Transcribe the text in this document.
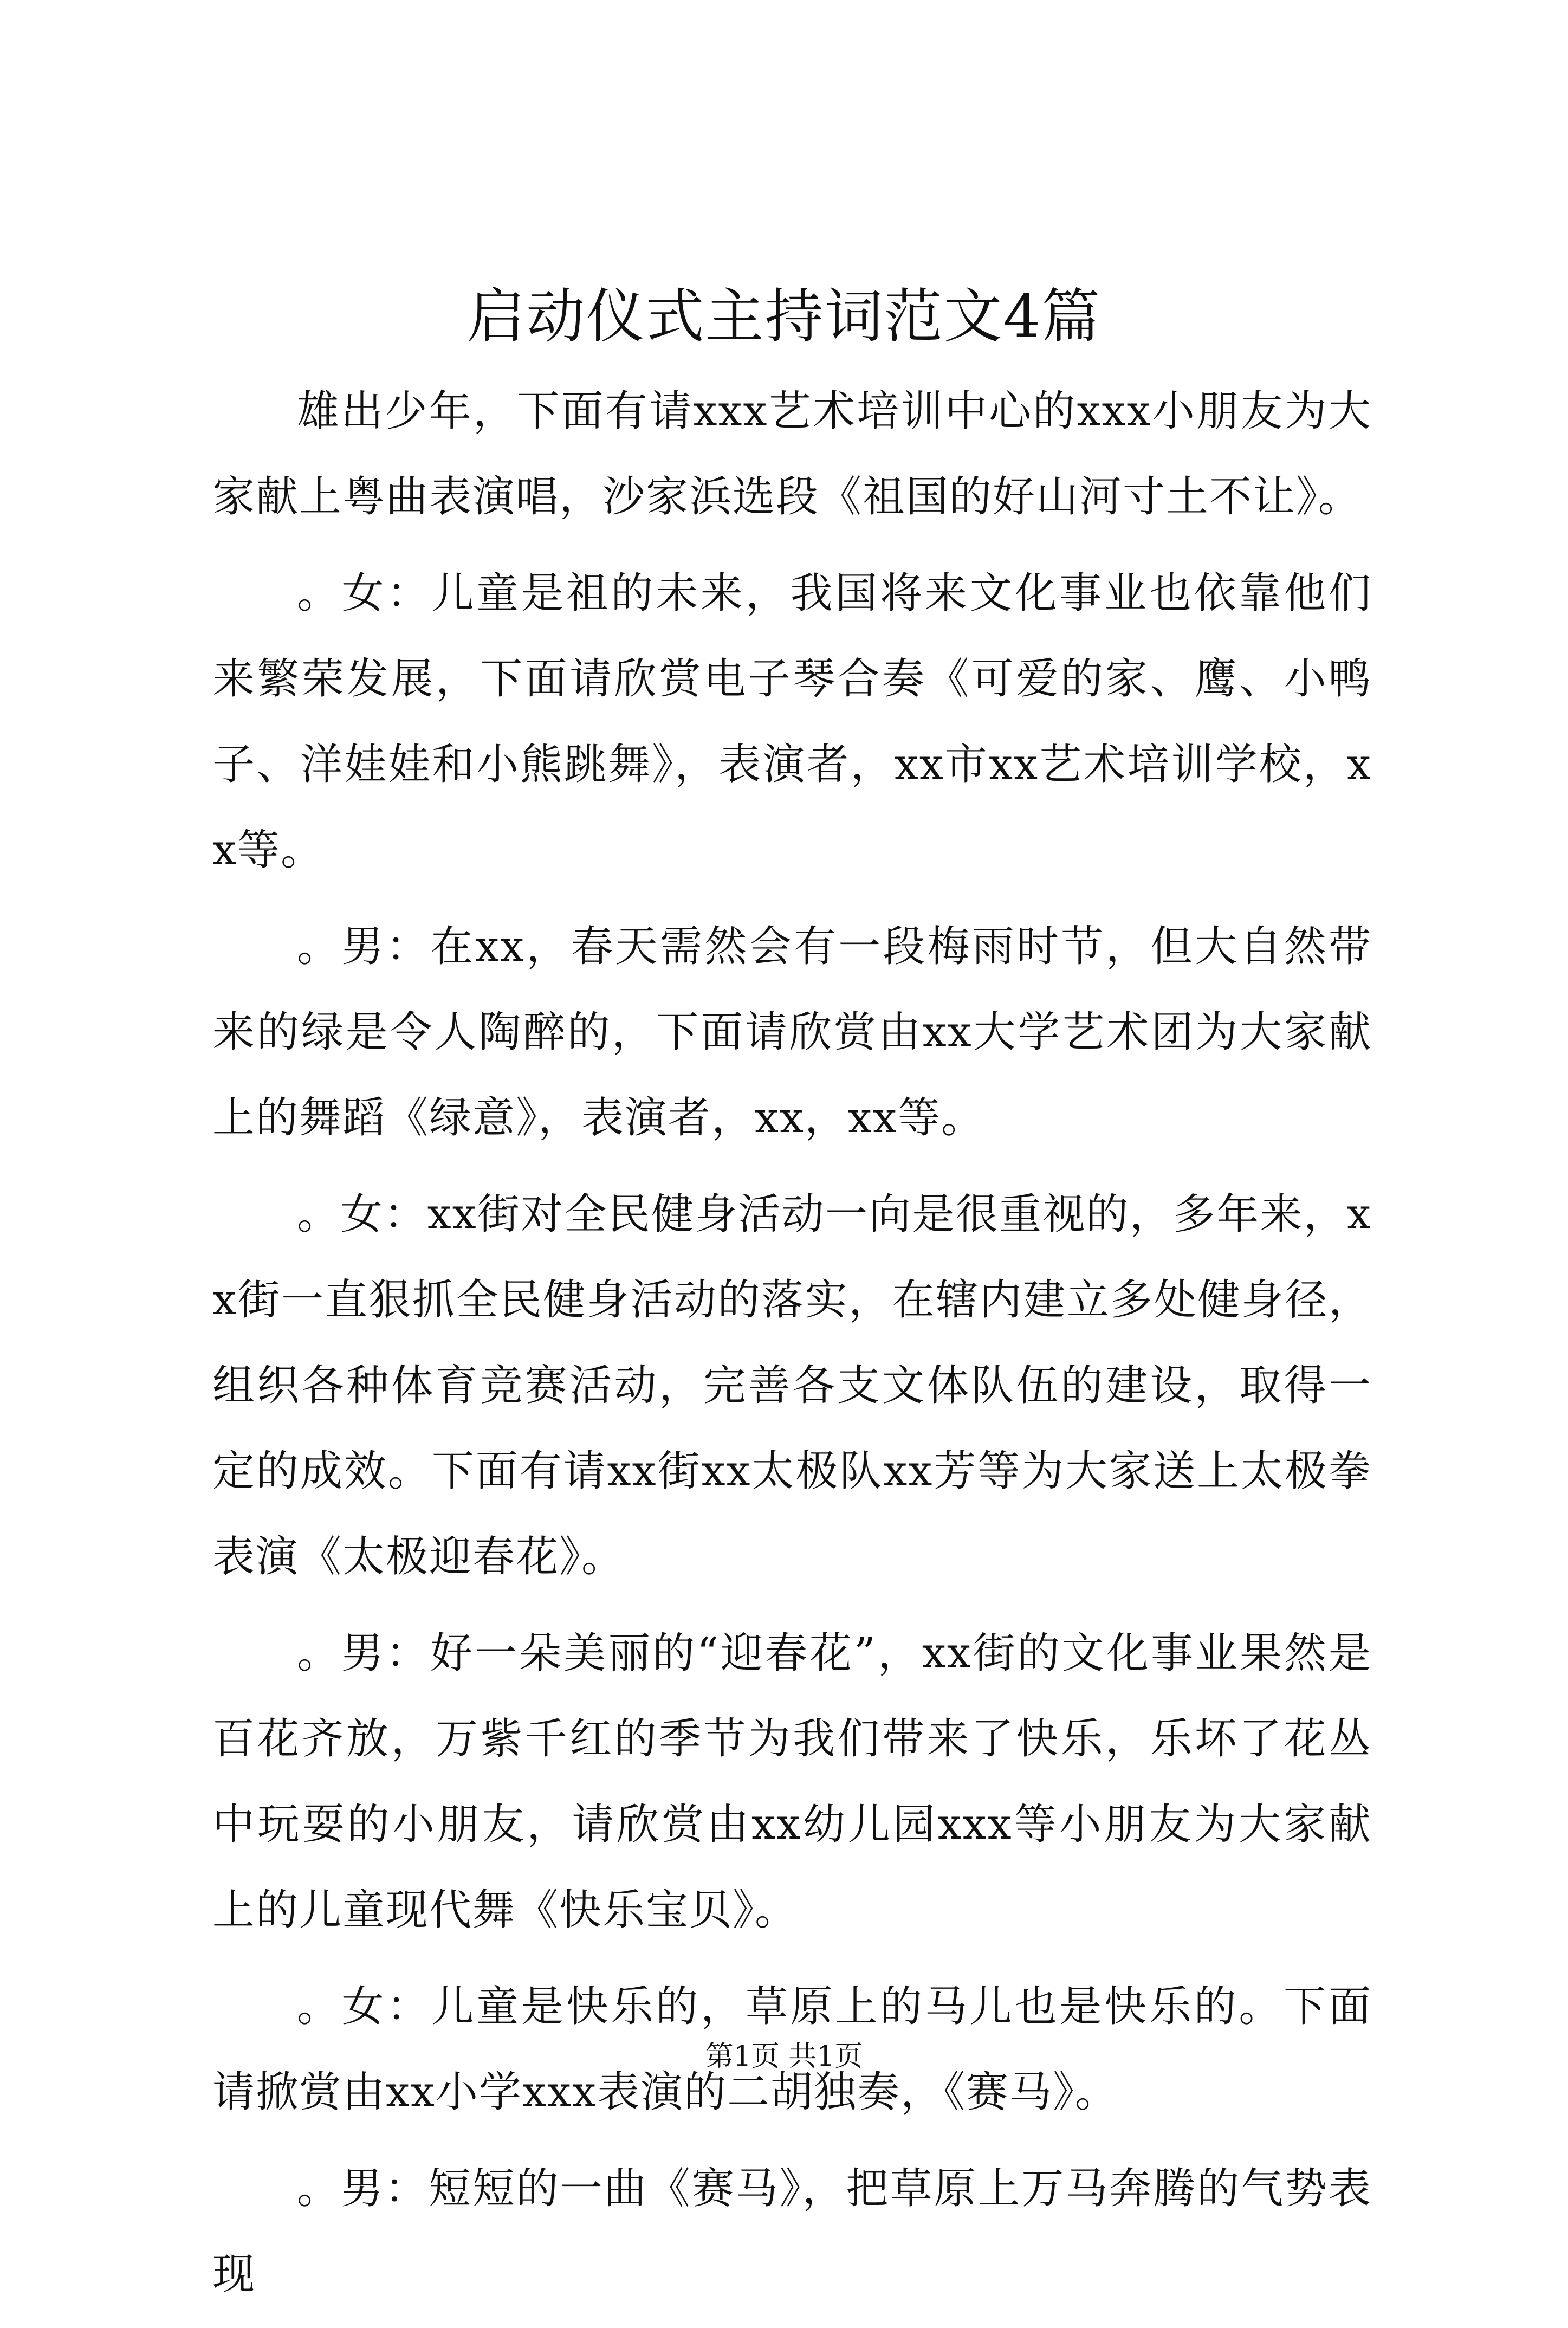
启动仪式主持词范文4篇

雄出少年，下面有请xxx艺术培训中心的xxx小朋友为大家献上粤曲表演唱，沙家浜选段《祖国的好山河寸土不让》。

。女：儿童是祖的未来，我国将来文化事业也依靠他们来繁荣发展，下面请欣赏电子琴合奏《可爱的家、鹰、小鸭子、洋娃娃和小熊跳舞》，表演者，xx市xx艺术培训学校，xx等。

。男：在xx，春天需然会有一段梅雨时节，但大自然带来的绿是令人陶醉的，下面请欣赏由xx大学艺术团为大家献上的舞蹈《绿意》，表演者，xx，xx等。

。女：xx街对全民健身活动一向是很重视的，多年来，xx街一直狠抓全民健身活动的落实，在辖内建立多处健身径，组织各种体育竞赛活动，完善各支文体队伍的建设，取得一定的成效。下面有请xx街xx太极队xx芳等为大家送上太极拳表演《太极迎春花》。

。男：好一朵美丽的“迎春花”，xx街的文化事业果然是百花齐放，万紫千红的季节为我们带来了快乐，乐坏了花丛中玩耍的小朋友，请欣赏由xx幼儿园xxx等小朋友为大家献上的儿童现代舞《快乐宝贝》。

。女：儿童是快乐的，草原上的马儿也是快乐的。下面请掀赏由xx小学xxx表演的二胡独奏，《赛马》。

。男：短短的一曲《赛马》，把草原上万马奔腾的气势表现

第1页 共1页
